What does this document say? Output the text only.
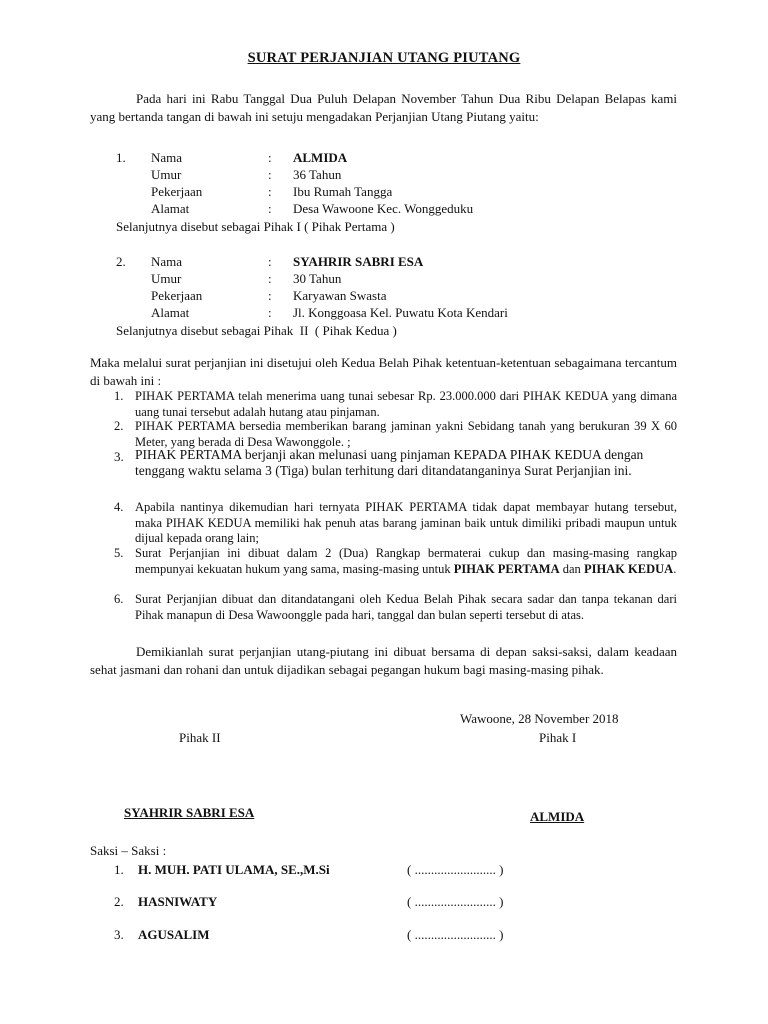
SURAT PERJANJIAN UTANG PIUTANG
Pada hari ini Rabu Tanggal Dua Puluh Delapan November Tahun Dua Ribu Delapan Belapas kami yang bertanda tangan di bawah ini setuju mengadakan Perjanjian Utang Piutang yaitu:
1. Nama	: ALMIDA
Umur	: 36 Tahun
Pekerjaan	: Ibu Rumah Tangga
Alamat	: Desa Wawoone Kec. Wonggeduku
Selanjutnya disebut sebagai Pihak I ( Pihak Pertama )
2. Nama	: SYAHRIR SABRI ESA
Umur	: 30 Tahun
Pekerjaan	: Karyawan Swasta
Alamat	: Jl. Konggoasa Kel. Puwatu Kota Kendari
Selanjutnya disebut sebagai Pihak  II  ( Pihak Kedua )
Maka melalui surat perjanjian ini disetujui oleh Kedua Belah Pihak ketentuan-ketentuan sebagaimana tercantum di bawah ini :
1. PIHAK PERTAMA telah menerima uang tunai sebesar Rp. 23.000.000 dari PIHAK KEDUA yang dimana uang tunai tersebut adalah hutang atau pinjaman.
2. PIHAK PERTAMA bersedia memberikan barang jaminan yakni Sebidang tanah yang berukuran 39 X 60 Meter, yang berada di Desa Wawonggole. ;
3. PIHAK PERTAMA berjanji akan melunasi uang pinjaman KEPADA PIHAK KEDUA dengan tenggang waktu selama 3 (Tiga) bulan terhitung dari ditandatanganinya Surat Perjanjian ini.
4. Apabila nantinya dikemudian hari ternyata PIHAK PERTAMA tidak dapat membayar hutang tersebut, maka PIHAK KEDUA memiliki hak penuh atas barang jaminan baik untuk dimiliki pribadi maupun untuk dijual kepada orang lain;
5. Surat Perjanjian ini dibuat dalam 2 (Dua) Rangkap bermaterai cukup dan masing-masing rangkap mempunyai kekuatan hukum yang sama, masing-masing untuk PIHAK PERTAMA dan PIHAK KEDUA.
6. Surat Perjanjian dibuat dan ditandatangani oleh Kedua Belah Pihak secara sadar dan tanpa tekanan dari Pihak manapun di Desa Wawoonggle pada hari, tanggal dan bulan seperti tersebut di atas.
Demikianlah surat perjanjian utang-piutang ini dibuat bersama di depan saksi-saksi, dalam keadaan sehat jasmani dan rohani dan untuk dijadikan sebagai pegangan hukum bagi masing-masing pihak.
Wawoone, 28 November 2018
Pihak II	Pihak I
SYAHRIR SABRI ESA	ALMIDA
Saksi – Saksi :
1. H. MUH. PATI ULAMA, SE.,M.Si	( ......................... )
2. HASNIWATY	( ......................... )
3. AGUSALIM	( ......................... )
